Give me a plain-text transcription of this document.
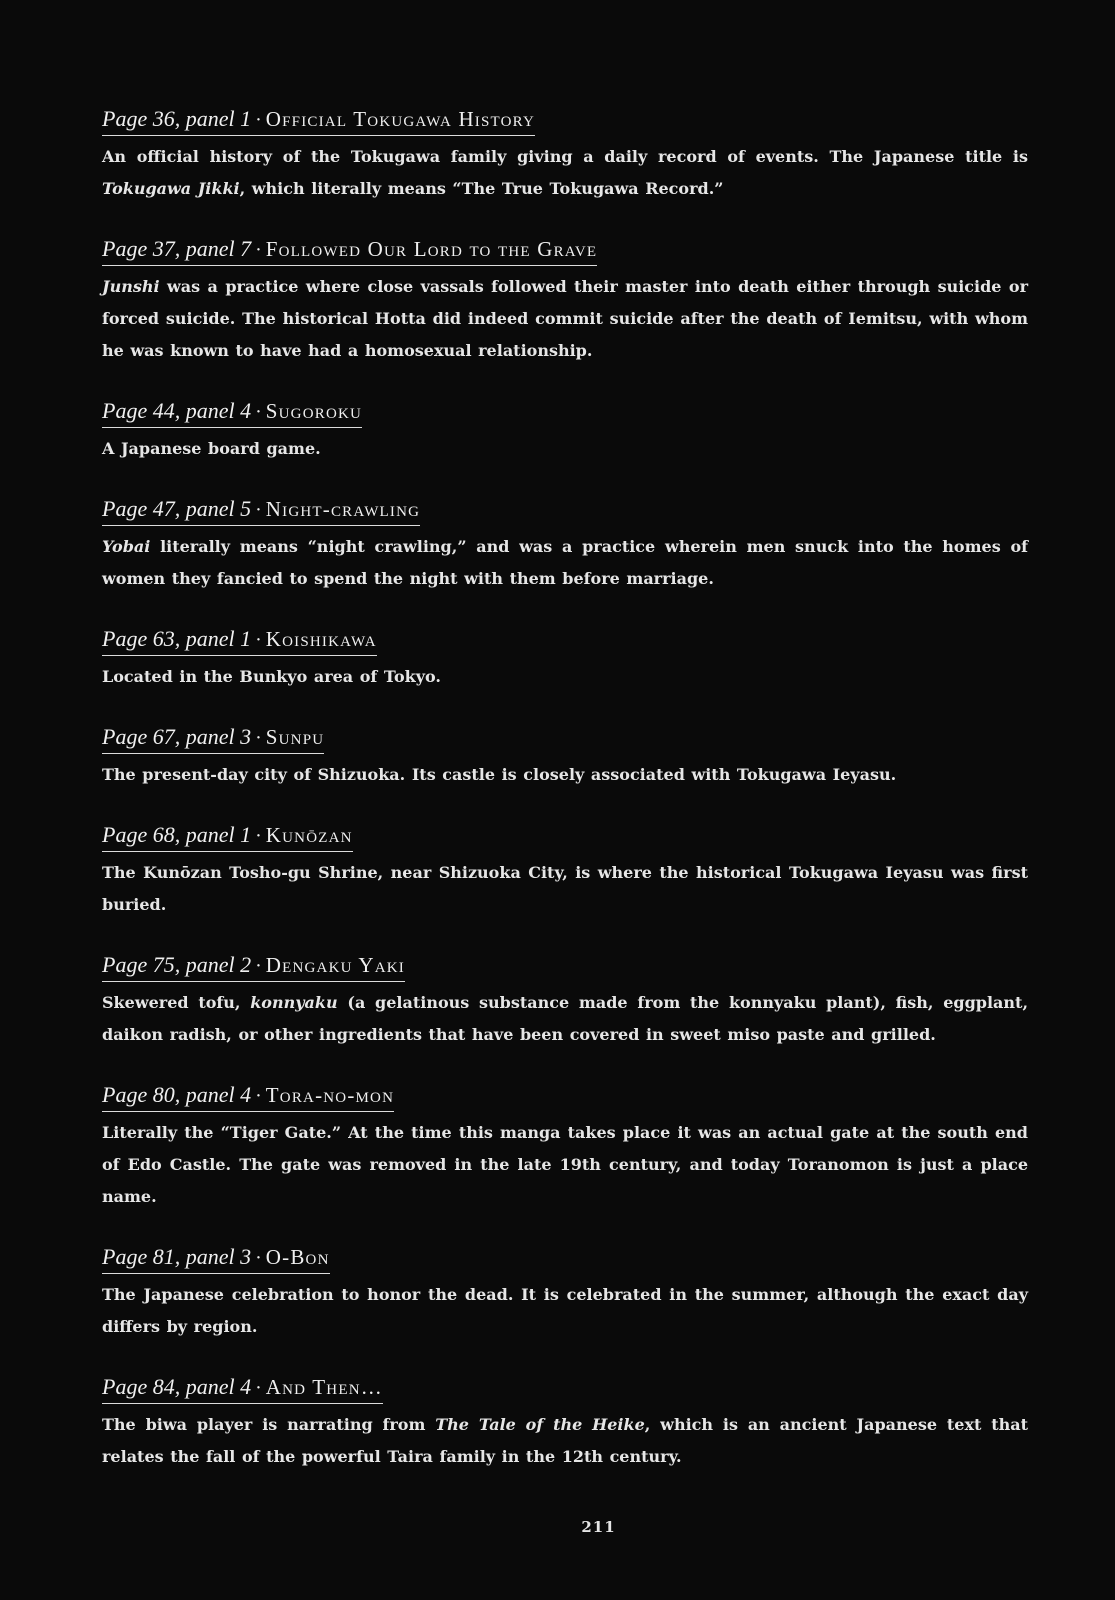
Page 36, panel 1 · Official Tokugawa History

An official history of the Tokugawa family giving a daily record of events. The Japanese title is Tokugawa Jikki, which literally means “The True Tokugawa Record.”

Page 37, panel 7 · Followed Our Lord to the Grave

Junshi was a practice where close vassals followed their master into death either through suicide or forced suicide. The historical Hotta did indeed commit suicide after the death of Iemitsu, with whom he was known to have had a homosexual relationship.

Page 44, panel 4 · Sugoroku

A Japanese board game.

Page 47, panel 5 · Night-crawling

Yobai literally means “night crawling,” and was a practice wherein men snuck into the homes of women they fancied to spend the night with them before marriage.

Page 63, panel 1 · Koishikawa

Located in the Bunkyo area of Tokyo.

Page 67, panel 3 · Sunpu

The present-day city of Shizuoka. Its castle is closely associated with Tokugawa Ieyasu.

Page 68, panel 1 · Kunōzan

The Kunōzan Tosho-gu Shrine, near Shizuoka City, is where the historical Tokugawa Ieyasu was first buried.

Page 75, panel 2 · Dengaku Yaki

Skewered tofu, konnyaku (a gelatinous substance made from the konnyaku plant), fish, eggplant, daikon radish, or other ingredients that have been covered in sweet miso paste and grilled.

Page 80, panel 4 · Tora-no-mon

Literally the “Tiger Gate.” At the time this manga takes place it was an actual gate at the south end of Edo Castle. The gate was removed in the late 19th century, and today Toranomon is just a place name.

Page 81, panel 3 · O-Bon

The Japanese celebration to honor the dead. It is celebrated in the summer, although the exact day differs by region.

Page 84, panel 4 · And Then…

The biwa player is narrating from The Tale of the Heike, which is an ancient Japanese text that relates the fall of the powerful Taira family in the 12th century.

211
